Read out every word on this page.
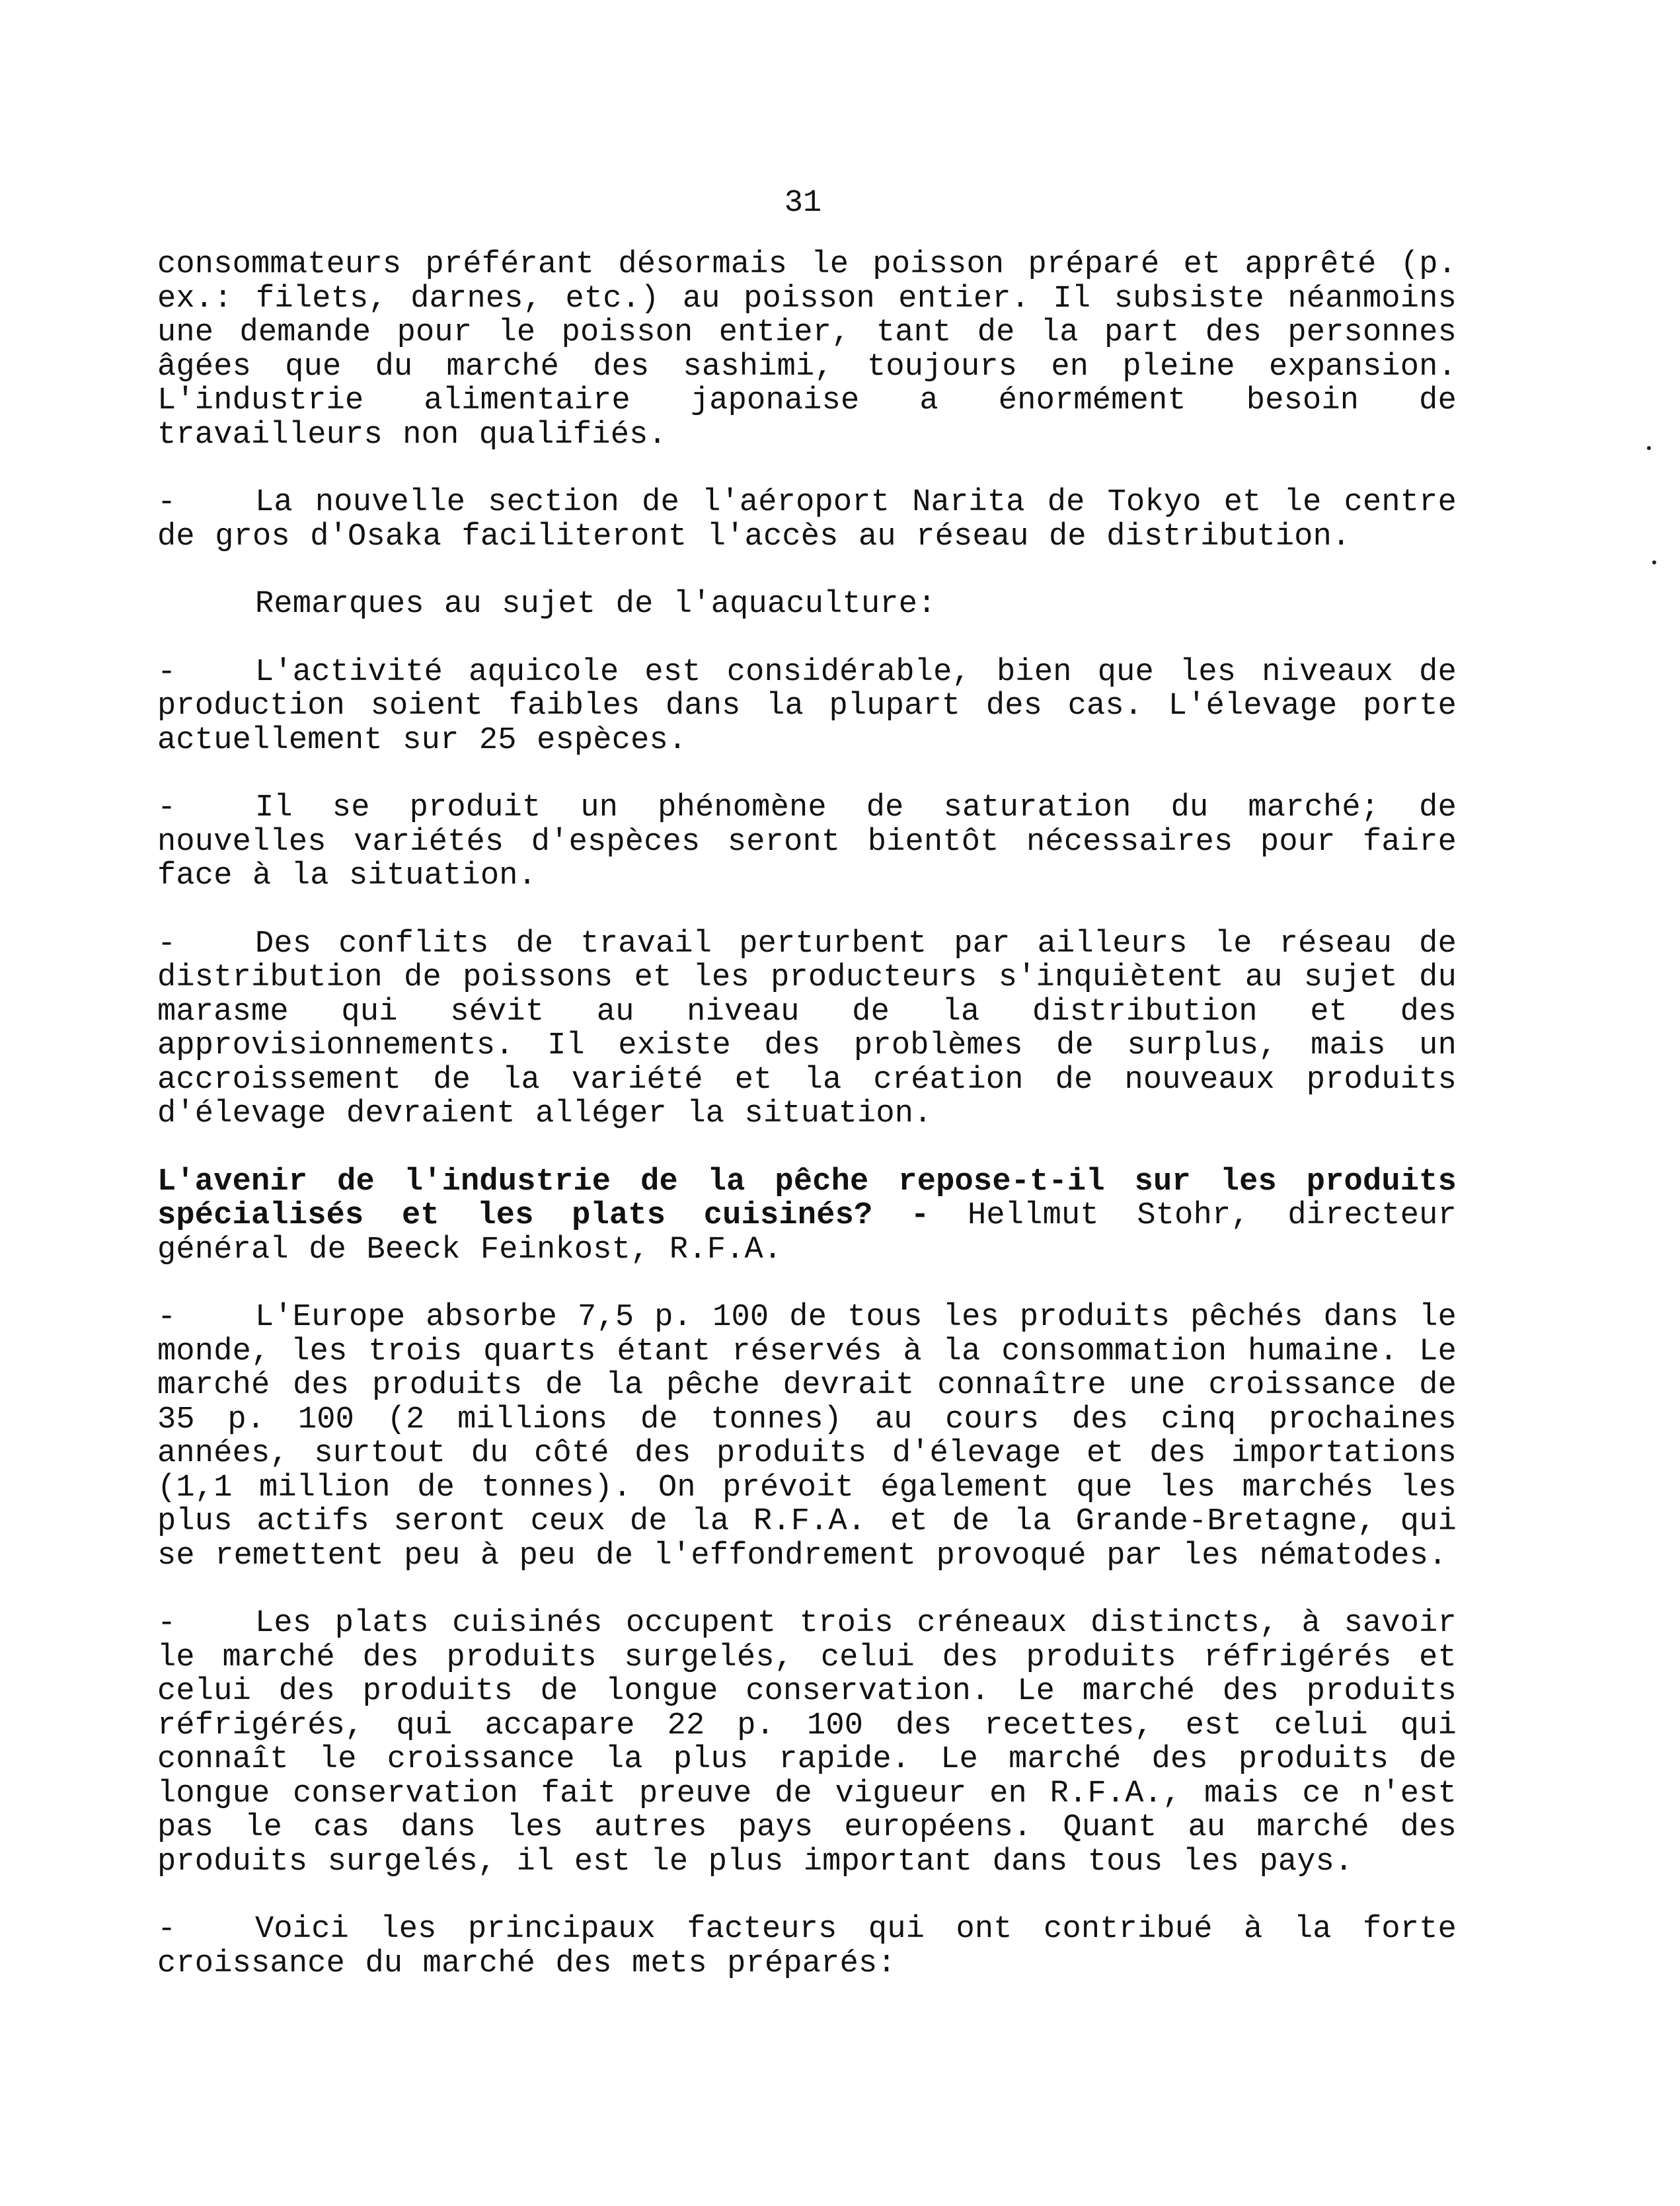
31

consommateurs préférant désormais le poisson préparé et apprêté (p. ex.: filets, darnes, etc.) au poisson entier. Il subsiste néanmoins une demande pour le poisson entier, tant de la part des personnes âgées que du marché des sashimi, toujours en pleine expansion. L'industrie alimentaire japonaise a énormément besoin de travailleurs non qualifiés.

-	La nouvelle section de l'aéroport Narita de Tokyo et le centre de gros d'Osaka faciliteront l'accès au réseau de distribution.

Remarques au sujet de l'aquaculture:

-	L'activité aquicole est considérable, bien que les niveaux de production soient faibles dans la plupart des cas. L'élevage porte actuellement sur 25 espèces.

-	Il se produit un phénomène de saturation du marché; de nouvelles variétés d'espèces seront bientôt nécessaires pour faire face à la situation.

-	Des conflits de travail perturbent par ailleurs le réseau de distribution de poissons et les producteurs s'inquiètent au sujet du marasme qui sévit au niveau de la distribution et des approvisionnements. Il existe des problèmes de surplus, mais un accroissement de la variété et la création de nouveaux produits d'élevage devraient alléger la situation.

L'avenir de l'industrie de la pêche repose-t-il sur les produits spécialisés et les plats cuisinés? - Hellmut Stohr, directeur général de Beeck Feinkost, R.F.A.

-	L'Europe absorbe 7,5 p. 100 de tous les produits pêchés dans le monde, les trois quarts étant réservés à la consommation humaine. Le marché des produits de la pêche devrait connaître une croissance de 35 p. 100 (2 millions de tonnes) au cours des cinq prochaines années, surtout du côté des produits d'élevage et des importations (1,1 million de tonnes). On prévoit également que les marchés les plus actifs seront ceux de la R.F.A. et de la Grande-Bretagne, qui se remettent peu à peu de l'effondrement provoqué par les nématodes.

-	Les plats cuisinés occupent trois créneaux distincts, à savoir le marché des produits surgelés, celui des produits réfrigérés et celui des produits de longue conservation. Le marché des produits réfrigérés, qui accapare 22 p. 100 des recettes, est celui qui connaît le croissance la plus rapide. Le marché des produits de longue conservation fait preuve de vigueur en R.F.A., mais ce n'est pas le cas dans les autres pays européens. Quant au marché des produits surgelés, il est le plus important dans tous les pays.

-	Voici les principaux facteurs qui ont contribué à la forte croissance du marché des mets préparés:
